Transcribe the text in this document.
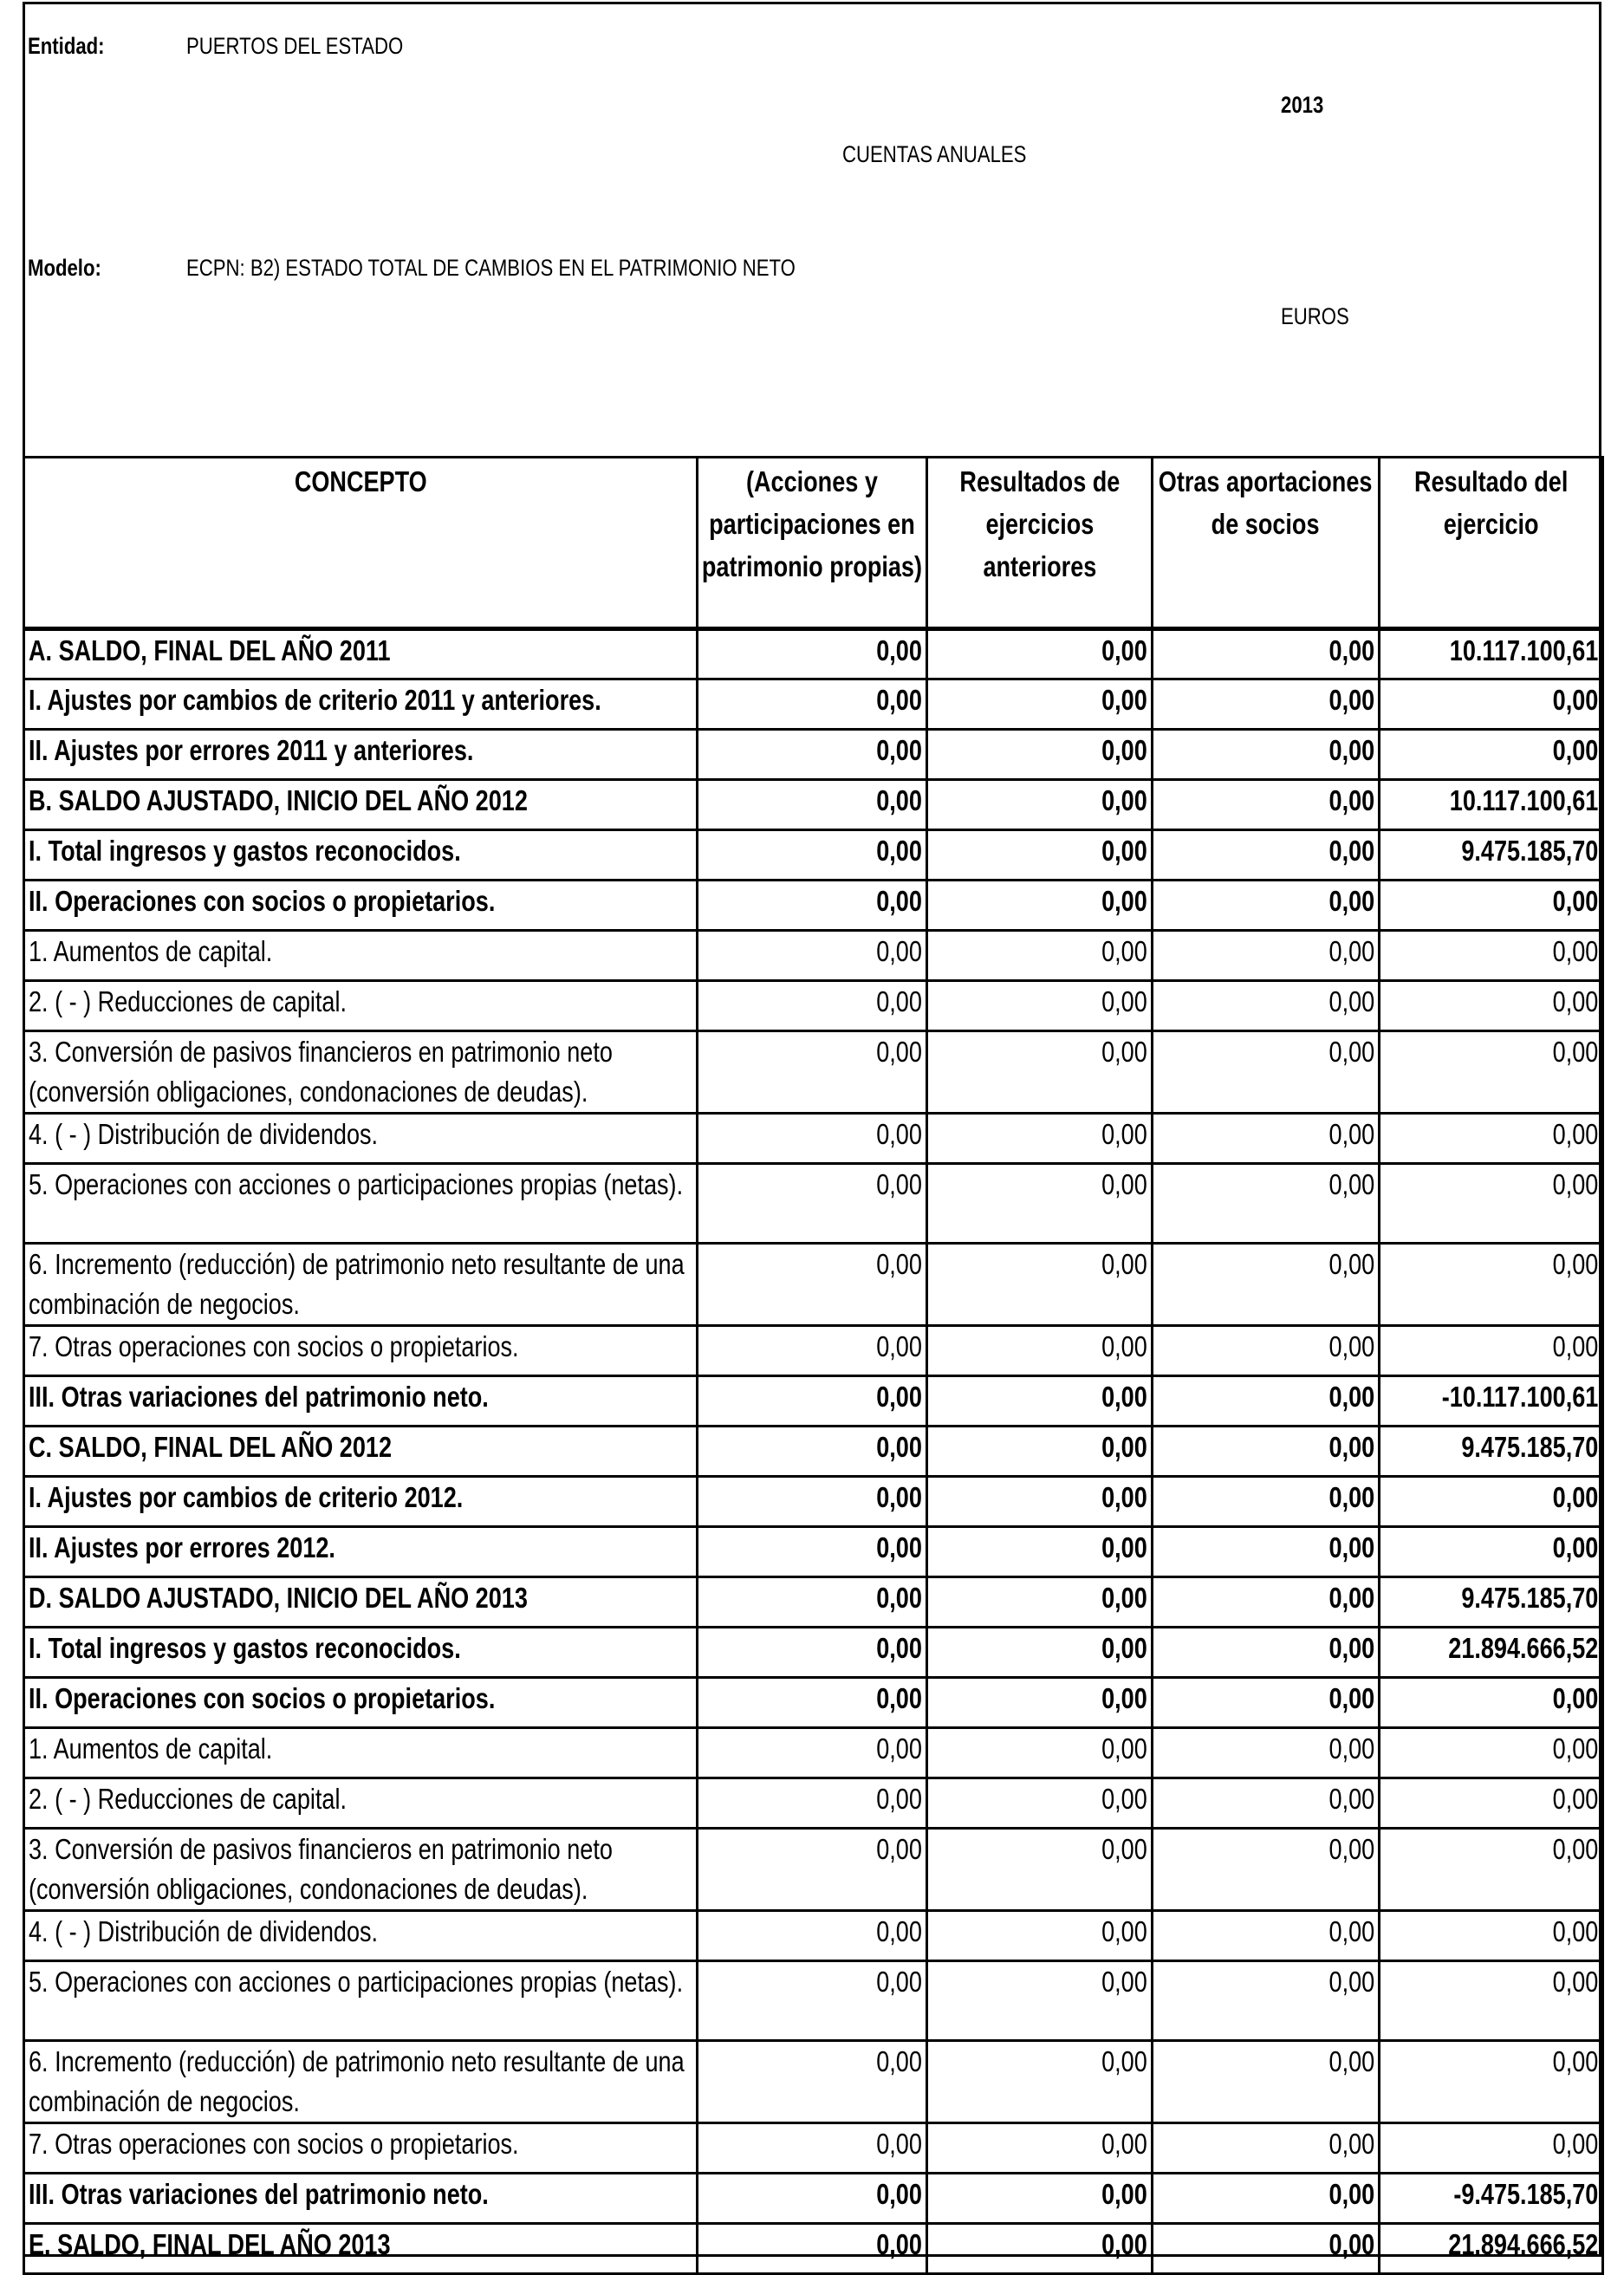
Entidad:	PUERTOS DEL ESTADO
2013
CUENTAS ANUALES
Modelo:	ECPN: B2) ESTADO TOTAL DE CAMBIOS EN EL PATRIMONIO NETO
EUROS
CONCEPTO	(Acciones y participaciones en patrimonio propias)	Resultados de ejercicios anteriores	Otras aportaciones de socios	Resultado del ejercicio
A. SALDO, FINAL DEL AÑO 2011	0,00	0,00	0,00	10.117.100,61
I. Ajustes por cambios de criterio 2011 y anteriores.	0,00	0,00	0,00	0,00
II. Ajustes por errores 2011 y anteriores.	0,00	0,00	0,00	0,00
B. SALDO AJUSTADO, INICIO DEL AÑO 2012	0,00	0,00	0,00	10.117.100,61
I. Total ingresos y gastos reconocidos.	0,00	0,00	0,00	9.475.185,70
II. Operaciones con socios o propietarios.	0,00	0,00	0,00	0,00
1. Aumentos de capital.	0,00	0,00	0,00	0,00
2. ( - ) Reducciones de capital.	0,00	0,00	0,00	0,00
3. Conversión de pasivos financieros en patrimonio neto (conversión obligaciones, condonaciones de deudas).	0,00	0,00	0,00	0,00
4. ( - ) Distribución de dividendos.	0,00	0,00	0,00	0,00
5. Operaciones con acciones o participaciones propias (netas).	0,00	0,00	0,00	0,00
6. Incremento (reducción) de patrimonio neto resultante de una combinación de negocios.	0,00	0,00	0,00	0,00
7. Otras operaciones con socios o propietarios.	0,00	0,00	0,00	0,00
III. Otras variaciones del patrimonio neto.	0,00	0,00	0,00	-10.117.100,61
C. SALDO, FINAL DEL AÑO 2012	0,00	0,00	0,00	9.475.185,70
I. Ajustes por cambios de criterio 2012.	0,00	0,00	0,00	0,00
II. Ajustes por errores 2012.	0,00	0,00	0,00	0,00
D. SALDO AJUSTADO, INICIO DEL AÑO 2013	0,00	0,00	0,00	9.475.185,70
I. Total ingresos y gastos reconocidos.	0,00	0,00	0,00	21.894.666,52
II. Operaciones con socios o propietarios.	0,00	0,00	0,00	0,00
1. Aumentos de capital.	0,00	0,00	0,00	0,00
2. ( - ) Reducciones de capital.	0,00	0,00	0,00	0,00
3. Conversión de pasivos financieros en patrimonio neto (conversión obligaciones, condonaciones de deudas).	0,00	0,00	0,00	0,00
4. ( - ) Distribución de dividendos.	0,00	0,00	0,00	0,00
5. Operaciones con acciones o participaciones propias (netas).	0,00	0,00	0,00	0,00
6. Incremento (reducción) de patrimonio neto resultante de una combinación de negocios.	0,00	0,00	0,00	0,00
7. Otras operaciones con socios o propietarios.	0,00	0,00	0,00	0,00
III. Otras variaciones del patrimonio neto.	0,00	0,00	0,00	-9.475.185,70
E. SALDO, FINAL DEL AÑO 2013	0,00	0,00	0,00	21.894.666,52
